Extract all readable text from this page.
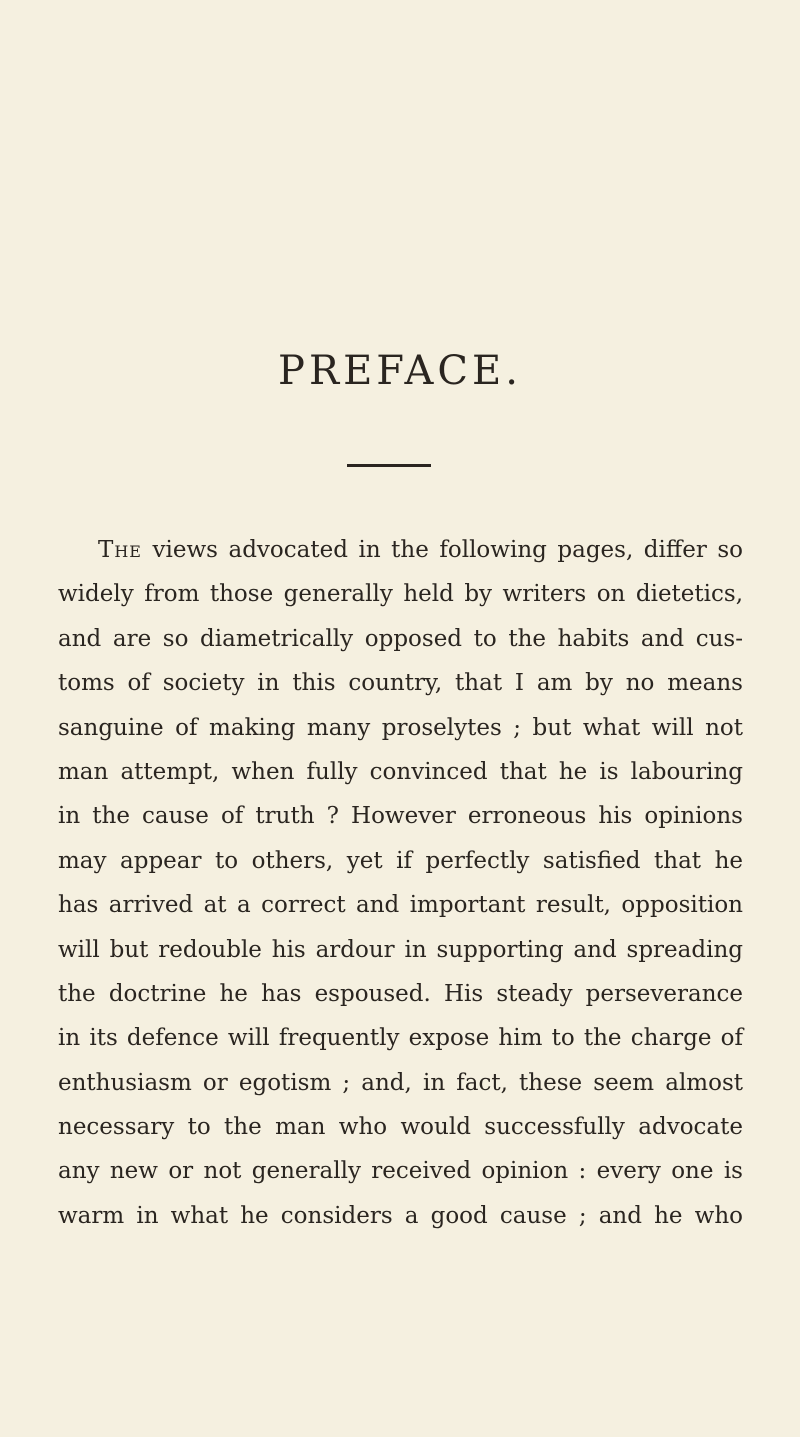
PREFACE.
The views advocated in the following pages, differ so
widely from those generally held by writers on dietetics,
and are so diametrically opposed to the habits and cus-
toms of society in this country, that I am by no means
sanguine of making many proselytes ; but what will not
man attempt, when fully convinced that he is labouring
in the cause of truth ? However erroneous his opinions
may appear to others, yet if perfectly satisfied that he
has arrived at a correct and important result, opposition
will but redouble his ardour in supporting and spreading
the doctrine he has espoused. His steady perseverance
in its defence will frequently expose him to the charge of
enthusiasm or egotism ; and, in fact, these seem almost
necessary to the man who would successfully advocate
any new or not generally received opinion : every one is
warm in what he considers a good cause ; and he who
